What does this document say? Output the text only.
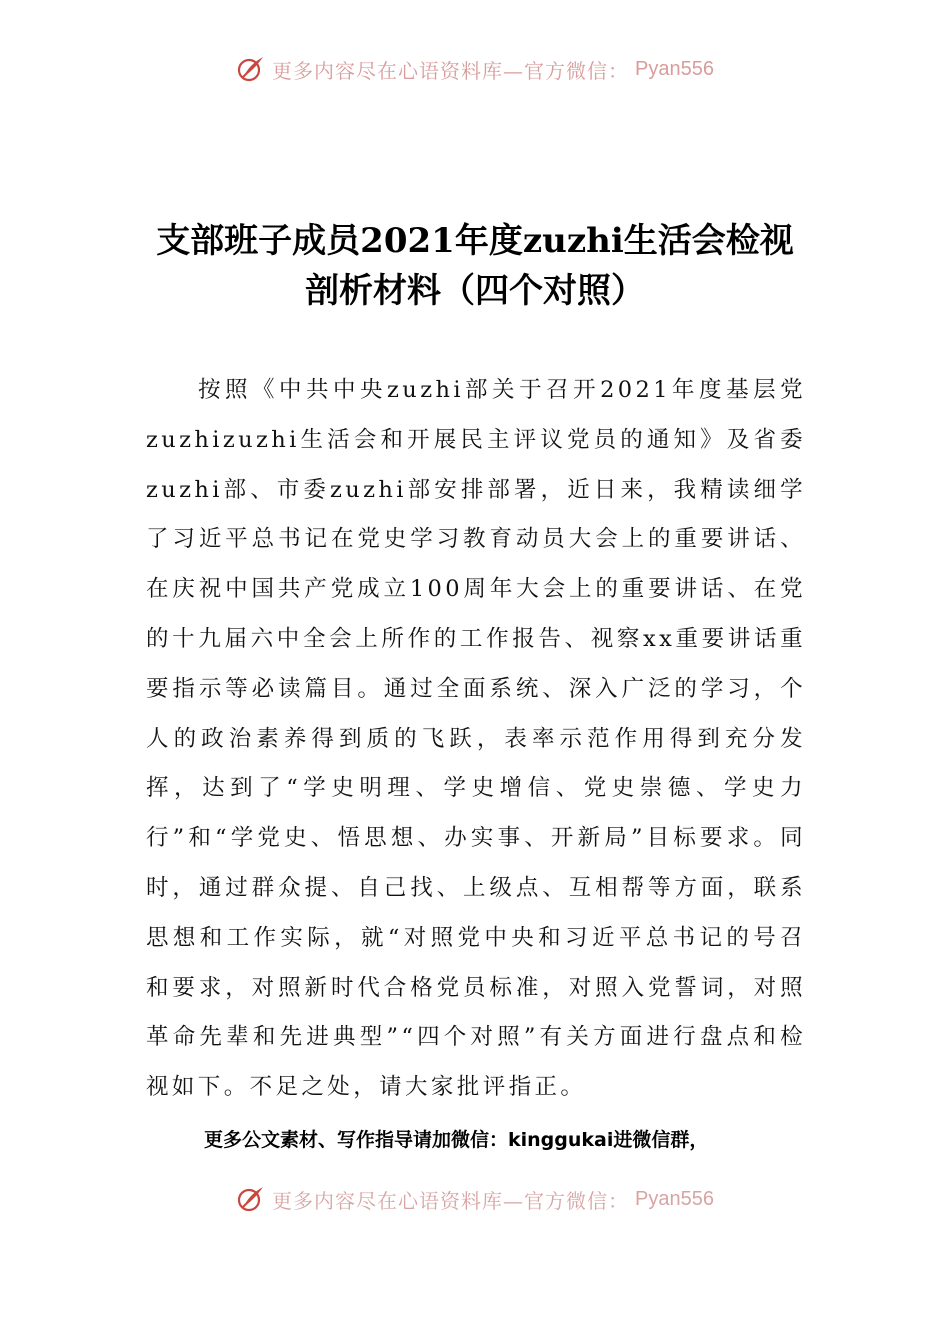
更多内容尽在心语资料库—官方微信： Pyan556
支部班子成员2021年度zuzhi生活会检视
剖析材料（四个对照）

按照《中共中央zuzhi部关于召开2021年度基层党zuzhizuzhi生活会和开展民主评议党员的通知》及省委zuzhi部、市委zuzhi部安排部署，近日来，我精读细学了习近平总书记在党史学习教育动员大会上的重要讲话、在庆祝中国共产党成立100周年大会上的重要讲话、在党的十九届六中全会上所作的工作报告、视察xx重要讲话重要指示等必读篇目。通过全面系统、深入广泛的学习，个人的政治素养得到质的飞跃，表率示范作用得到充分发挥，达到了“学史明理、学史增信、党史崇德、学史力行”和“学党史、悟思想、办实事、开新局”目标要求。同时，通过群众提、自己找、上级点、互相帮等方面，联系思想和工作实际，就“对照党中央和习近平总书记的号召和要求，对照新时代合格党员标准，对照入党誓词，对照革命先辈和先进典型”“四个对照”有关方面进行盘点和检视如下。不足之处，请大家批评指正。

更多公文素材、写作指导请加微信：kinggukai进微信群，

更多内容尽在心语资料库—官方微信： Pyan556
